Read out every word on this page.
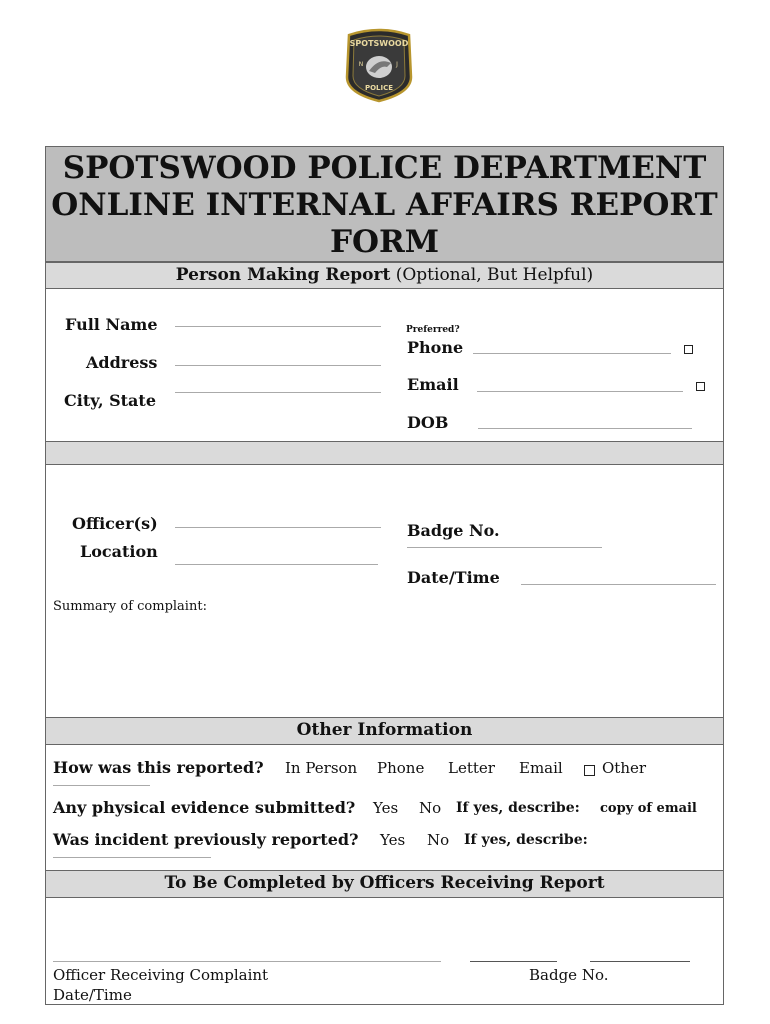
SPOTSWOOD
N	J
POLICE
SPOTSWOOD POLICE DEPARTMENT
ONLINE INTERNAL AFFAIRS REPORT
FORM
Person Making Report (Optional, But Helpful)
Full Name
Address
City, State
Preferred?
Phone
Email
DOB
Officer(s)
Location
Badge No.
Date/Time
Summary of complaint:
Other Information
How was this reported? In Person Phone Letter Email	Other
Any physical evidence submitted? Yes No If yes, describe: copy of email
Was incident previously reported? Yes No If yes, describe:
To Be Completed by Officers Receiving Report
Officer Receiving Complaint	Badge No.
Date/Time
